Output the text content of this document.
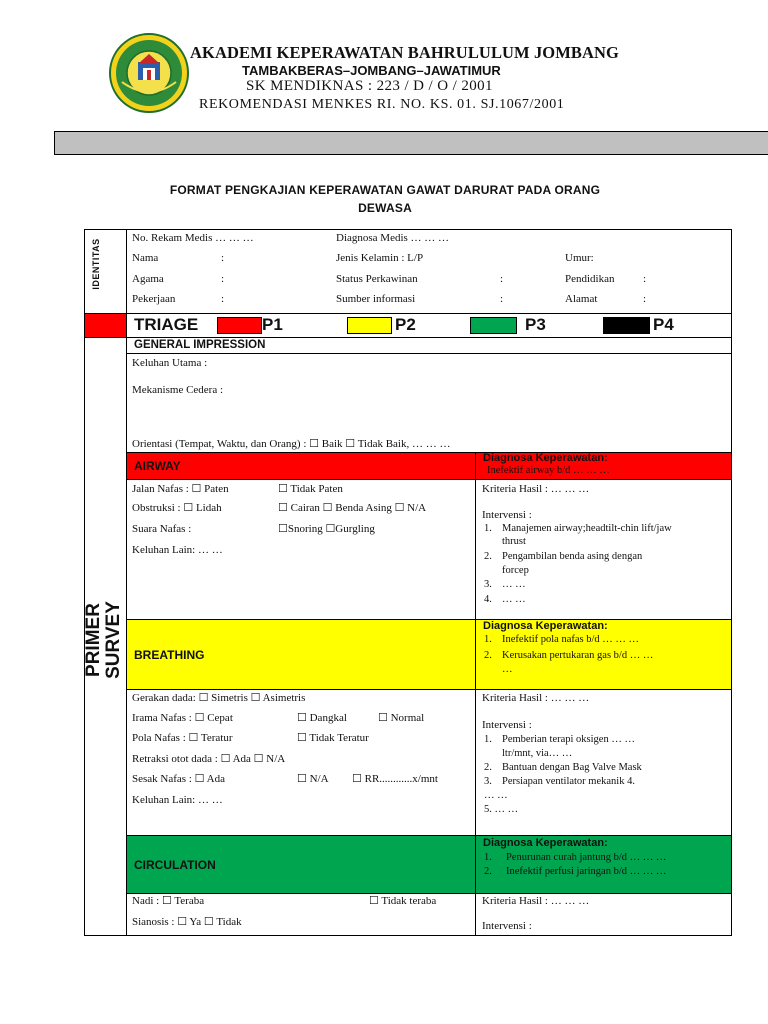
AKADEMI KEPERAWATAN BAHRULULUM JOMBANG
TAMBAKBERAS–JOMBANG–JAWATIMUR
SK MENDIKNAS : 223 / D / O / 2001
REKOMENDASI MENKES RI. NO. KS. 01. SJ.1067/2001
FORMAT PENGKAJIAN KEPERAWATAN GAWAT DARURAT PADA ORANG
DEWASA
IDENTITAS
No. Rekam Medis … … …	Diagnosa Medis … … …
Nama	:	Jenis Kelamin : L/P	Umur:
Agama	:	Status Perkawinan	:	Pendidikan	:
Pekerjaan	:	Sumber informasi	:	Alamat	:
TRIAGE	P1	P2	P3	P4
GENERAL IMPRESSION
Keluhan Utama :
Mekanisme Cedera :
Orientasi (Tempat, Waktu, dan Orang) : ☐ Baik ☐ Tidak Baik, … … …
PRIMER SURVEY
AIRWAY
Diagnosa Keperawatan:
Inefektif airway b/d … … …
Jalan Nafas : ☐ Paten	☐ Tidak Paten
Obstruksi : ☐ Lidah	☐ Cairan ☐ Benda Asing ☐ N/A
Suara Nafas :	☐Snoring ☐Gurgling
Keluhan Lain: … …
Kriteria Hasil : … … …
Intervensi :
1. Manajemen airway;headtilt-chin lift/jaw
thrust
2. Pengambilan benda asing dengan
forcep
3. … …
4. … …
BREATHING
Diagnosa Keperawatan:
1. Inefektif pola nafas b/d … … …
2. Kerusakan pertukaran gas b/d … …
…
Gerakan dada: ☐ Simetris ☐ Asimetris
Irama Nafas : ☐ Cepat	☐ Dangkal	☐ Normal
Pola Nafas : ☐ Teratur	☐ Tidak Teratur
Retraksi otot dada : ☐ Ada ☐ N/A
Sesak Nafas : ☐ Ada	☐ N/A ☐ RR............x/mnt
Keluhan Lain: … …
Kriteria Hasil : … … …
Intervensi :
1. Pemberian terapi oksigen … …
ltr/mnt, via… …
2. Bantuan dengan Bag Valve Mask
3. Persiapan ventilator mekanik 4.
… …
5. … …
CIRCULATION
Diagnosa Keperawatan:
1. Penurunan curah jantung b/d … … …
2. Inefektif perfusi jaringan b/d … … …
Nadi : ☐ Teraba	☐ Tidak teraba
Sianosis : ☐ Ya ☐ Tidak
Kriteria Hasil : … … …
Intervensi :
